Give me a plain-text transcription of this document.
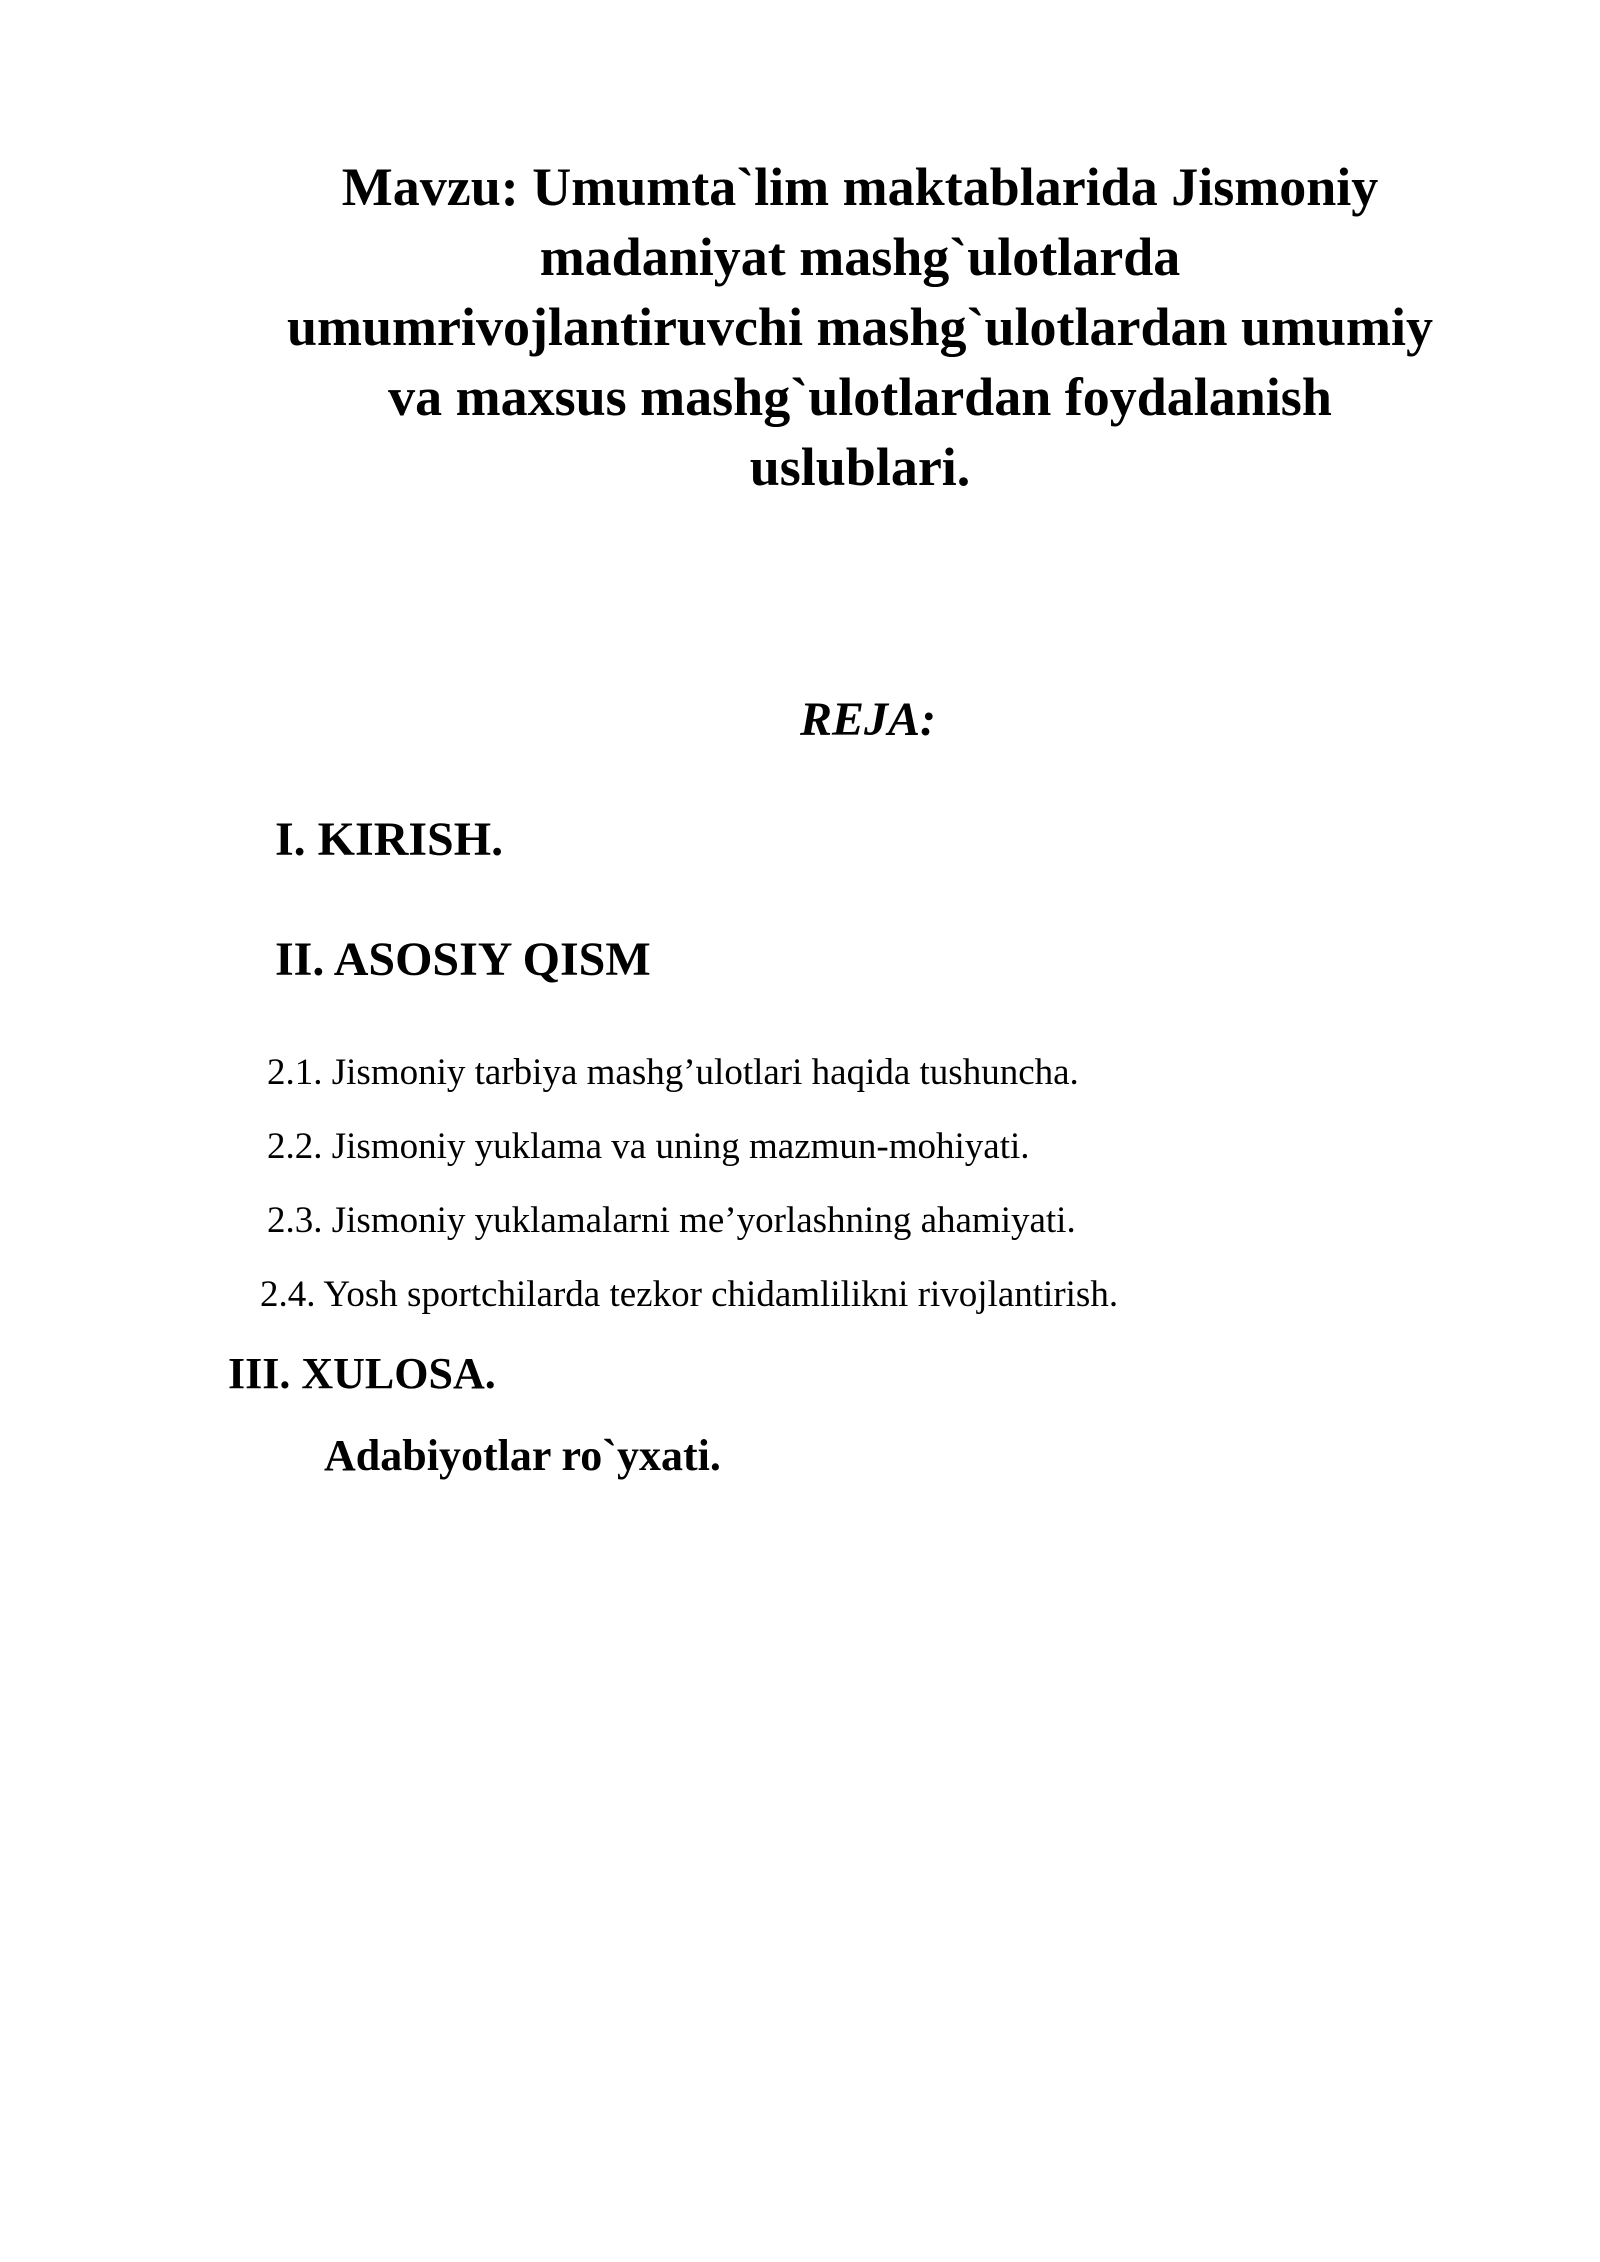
Mavzu: Umumta`lim maktablarida Jismoniy
madaniyat mashg`ulotlarda
umumrivojlantiruvchi mashg`ulotlardan umumiy
va maxsus mashg`ulotlardan foydalanish
uslublari.
REJA:
I. KIRISH.
II. ASOSIY QISM
2.1. Jismoniy tarbiya mashg’ulotlari haqida tushuncha.
2.2. Jismoniy yuklama va uning mazmun-mohiyati.
2.3. Jismoniy yuklamalarni me’yorlashning ahamiyati.
2.4. Yosh sportchilarda tezkor chidamlilikni rivojlantirish.
III. XULOSA.
Adabiyotlar ro`yxati.
